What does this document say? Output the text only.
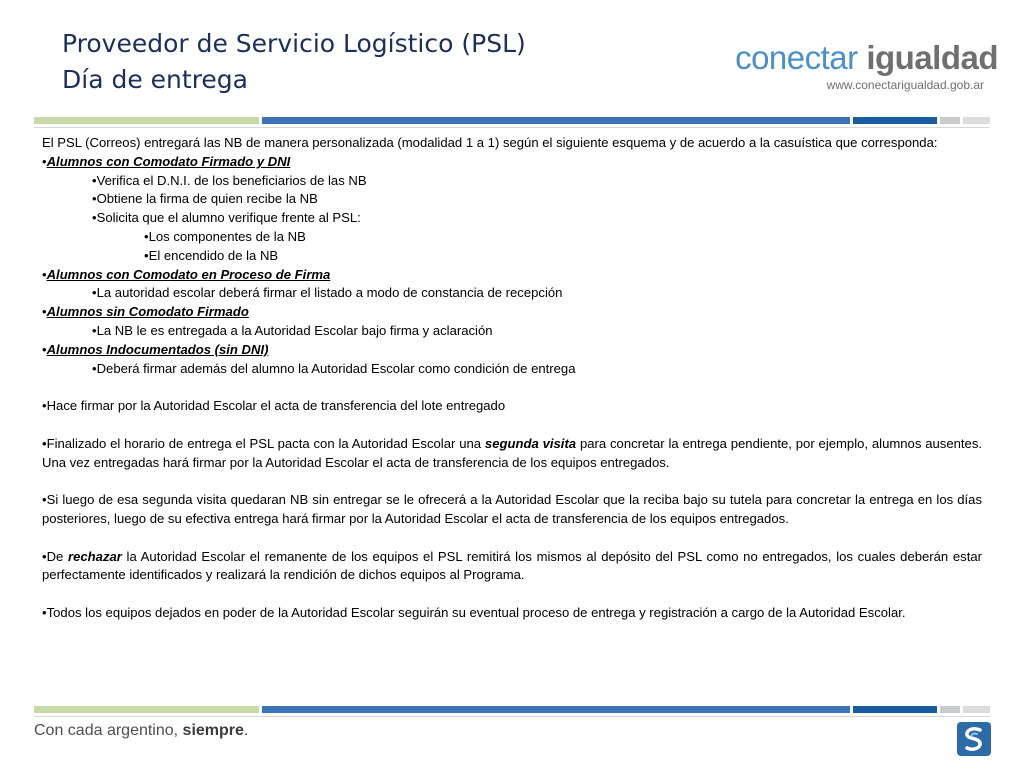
Proveedor de Servicio Logístico (PSL)
Día de entrega
conectar igualdad
www.conectarigualdad.gob.ar

El PSL (Correos) entregará las NB de manera personalizada (modalidad 1 a 1) según el siguiente esquema y de acuerdo a la casuística que corresponda:

•Alumnos con Comodato Firmado y DNI

•Verifica el D.N.I. de los beneficiarios de las NB

•Obtiene la firma de quien recibe la NB

•Solicita que el alumno verifique frente al PSL:

•Los componentes de la NB

•El encendido de la NB

•Alumnos con Comodato en Proceso de Firma

•La autoridad escolar deberá firmar el listado a modo de constancia de recepción

•Alumnos sin Comodato Firmado

•La NB le es entregada a la Autoridad Escolar bajo firma y aclaración

•Alumnos Indocumentados (sin DNI)

•Deberá firmar además del alumno la Autoridad Escolar como condición de entrega

•Hace firmar por la Autoridad Escolar el acta de transferencia del lote entregado

•Finalizado el horario de entrega el PSL pacta con la Autoridad Escolar una segunda visita para concretar la entrega pendiente, por ejemplo, alumnos ausentes. Una vez entregadas hará firmar por la Autoridad Escolar el acta de transferencia de los equipos entregados.

•Si luego de esa segunda visita quedaran NB sin entregar se le ofrecerá a la Autoridad Escolar que la reciba bajo su tutela para concretar la entrega en los días posteriores, luego de su efectiva entrega hará firmar por la Autoridad Escolar el acta de transferencia de los equipos entregados.

•De rechazar la Autoridad Escolar el remanente de los equipos el PSL remitirá los mismos al depósito del PSL como no entregados, los cuales deberán estar perfectamente identificados y realizará la rendición de dichos equipos al Programa.

•Todos los equipos dejados en poder de la Autoridad Escolar seguirán su eventual proceso de entrega y registración a cargo de la Autoridad Escolar.

Con cada argentino, siempre.
